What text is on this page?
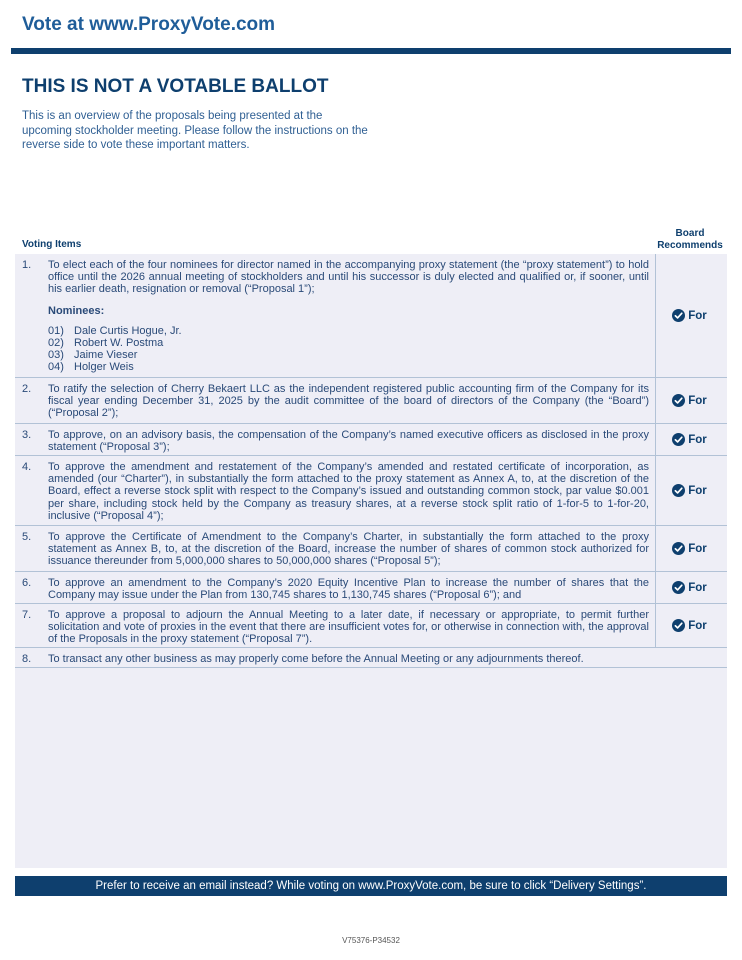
Vote at www.ProxyVote.com
THIS IS NOT A VOTABLE BALLOT
This is an overview of the proposals being presented at the upcoming stockholder meeting. Please follow the instructions on the reverse side to vote these important matters.
Voting Items
Board
Recommends
1. To elect each of the four nominees for director named in the accompanying proxy statement (the “proxy statement”) to hold office until the 2026 annual meeting of stockholders and until his successor is duly elected and qualified or, if sooner, until his earlier death, resignation or removal (“Proposal 1”);
Nominees:
01) Dale Curtis Hogue, Jr.
02) Robert W. Postma
03) Jaime Vieser
04) Holger Weis
For
2. To ratify the selection of Cherry Bekaert LLC as the independent registered public accounting firm of the Company for its fiscal year ending December 31, 2025 by the audit committee of the board of directors of the Company (the “Board”) (“Proposal 2”);
For
3. To approve, on an advisory basis, the compensation of the Company’s named executive officers as disclosed in the proxy statement (“Proposal 3”);
For
4. To approve the amendment and restatement of the Company’s amended and restated certificate of incorporation, as amended (our “Charter”), in substantially the form attached to the proxy statement as Annex A, to, at the discretion of the Board, effect a reverse stock split with respect to the Company’s issued and outstanding common stock, par value $0.001 per share, including stock held by the Company as treasury shares, at a reverse stock split ratio of 1-for-5 to 1-for-20, inclusive (“Proposal 4”);
For
5. To approve the Certificate of Amendment to the Company’s Charter, in substantially the form attached to the proxy statement as Annex B, to, at the discretion of the Board, increase the number of shares of common stock authorized for issuance thereunder from 5,000,000 shares to 50,000,000 shares (“Proposal 5”);
For
6. To approve an amendment to the Company’s 2020 Equity Incentive Plan to increase the number of shares that the Company may issue under the Plan from 130,745 shares to 1,130,745 shares (“Proposal 6”); and
For
7. To approve a proposal to adjourn the Annual Meeting to a later date, if necessary or appropriate, to permit further solicitation and vote of proxies in the event that there are insufficient votes for, or otherwise in connection with, the approval of the Proposals in the proxy statement (“Proposal 7”).
For
8. To transact any other business as may properly come before the Annual Meeting or any adjournments thereof.
Prefer to receive an email instead? While voting on www.ProxyVote.com, be sure to click “Delivery Settings”.
V75376-P34532
